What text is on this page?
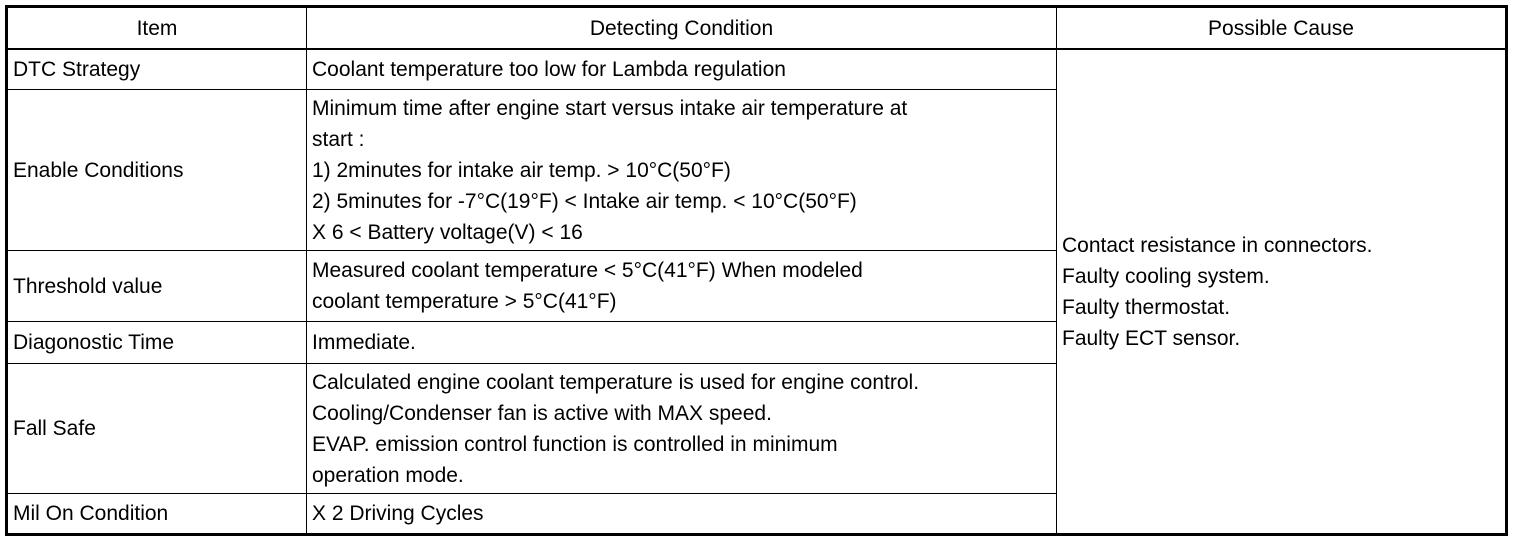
Item	Detecting Condition	Possible Cause
DTC Strategy	Coolant temperature too low for Lambda regulation	Contact resistance in connectors.
Faulty cooling system.
Faulty thermostat.
Faulty ECT sensor.

Enable Conditions	Minimum time after engine start versus intake air temperature at
start :
1) 2minutes for intake air temp. > 10°C(50°F)
2) 5minutes for -7°C(19°F) < Intake air temp. < 10°C(50°F)
X 6 < Battery voltage(V) < 16	

Threshold value	Measured coolant temperature < 5°C(41°F) When modeled
coolant temperature > 5°C(41°F)	

Diagonostic Time	Immediate.	

Fall Safe	Calculated engine coolant temperature is used for engine control.
Cooling/Condenser fan is active with MAX speed.
EVAP. emission control function is controlled in minimum
operation mode.	

Mil On Condition	X 2 Driving Cycles	
